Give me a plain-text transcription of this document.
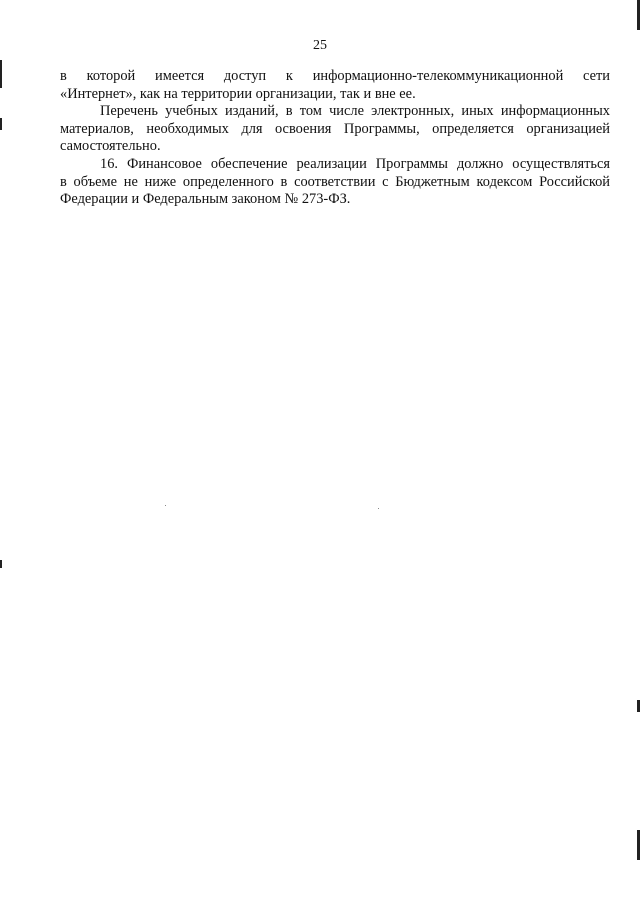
25

в которой имеется доступ к информационно-телекоммуникационной сети
«Интернет», как на территории организации, так и вне ее.

Перечень учебных изданий, в том числе электронных, иных информационных
материалов, необходимых для освоения Программы, определяется организацией
самостоятельно.

16. Финансовое обеспечение реализации Программы должно осуществляться
в объеме не ниже определенного в соответствии с Бюджетным кодексом Российской
Федерации и Федеральным законом № 273-ФЗ.
